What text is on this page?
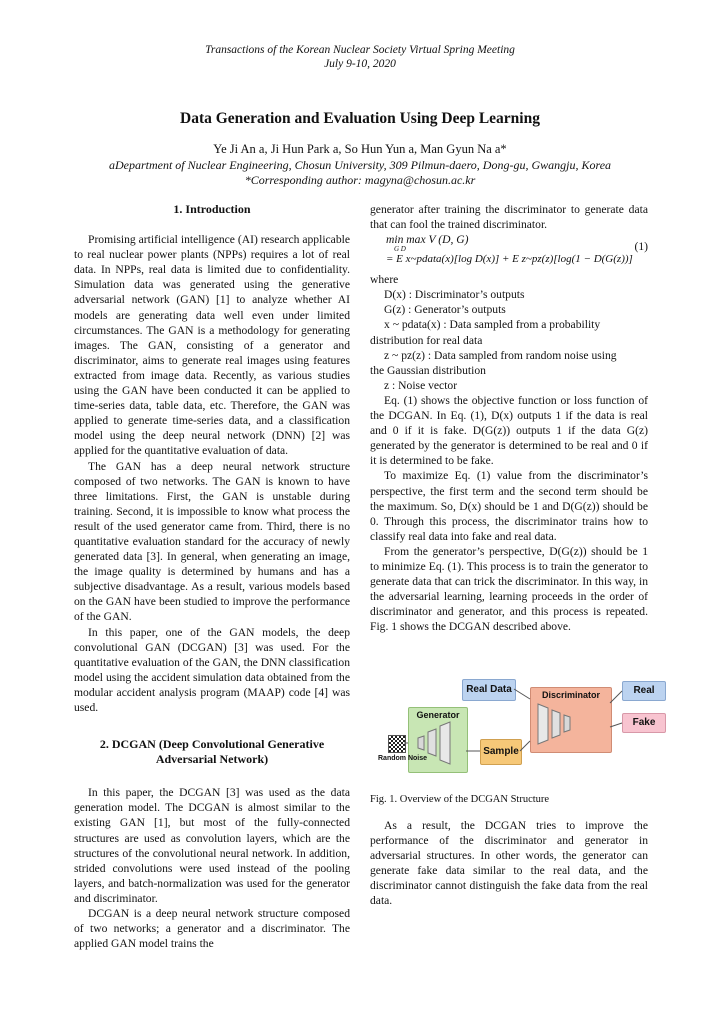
Transactions of the Korean Nuclear Society Virtual Spring Meeting
July 9-10, 2020
Data Generation and Evaluation Using Deep Learning
Ye Ji An a, Ji Hun Park a, So Hun Yun a, Man Gyun Na a*
aDepartment of Nuclear Engineering, Chosun University, 309 Pilmun-daero, Dong-gu, Gwangju, Korea
*Corresponding author: magyna@chosun.ac.kr
1. Introduction

Promising artificial intelligence (AI) research applicable to real nuclear power plants (NPPs) requires a lot of real data. In NPPs, real data is limited due to confidentiality. Simulation data was generated using the generative adversarial network (GAN) [1] to analyze whether AI models are generating data well even under limited circumstances. The GAN is a methodology for generating images. The GAN, consisting of a generator and discriminator, aims to generate real images using features extracted from image data. Recently, as various studies using the GAN have been conducted it can be applied to time-series data, table data, etc. Therefore, the GAN was applied to generate time-series data, and a classification model using the deep neural network (DNN) [2] was applied for the quantitative evaluation of data.

The GAN has a deep neural network structure composed of two networks. The GAN is known to have three limitations. First, the GAN is unstable during training. Second, it is impossible to know what process the result of the used generator came from. Third, there is no quantitative evaluation standard for the accuracy of newly generated data [3]. In general, when generating an image, the image quality is determined by humans and has a subjective disadvantage. As a result, various models based on the GAN have been studied to improve the performance of the GAN.

In this paper, one of the GAN models, the deep convolutional GAN (DCGAN) [3] was used. For the quantitative evaluation of the GAN, the DNN classification model using the accident simulation data obtained from the modular accident analysis program (MAAP) code [4] was used.

2. DCGAN (Deep Convolutional Generative
Adversarial Network)

In this paper, the DCGAN [3] was used as the data generation model. The DCGAN is almost similar to the existing GAN [1], but most of the fully-connected structures are used as convolution layers, which are the structures of the convolutional neural network. In addition, strided convolutions were used instead of the pooling layers, and batch-normalization was used for the generator and discriminator.

DCGAN is a deep neural network structure composed of two networks; a generator and a discriminator. The applied GAN model trains the

generator after training the discriminator to generate data that can fool the trained discriminator.

min max V (D, G)
G D	(1)
= E x~pdata(x)[log D(x)] + E z~pz(z)[log(1 − D(G(z))]

where

D(x) : Discriminator’s outputs

G(z) : Generator’s outputs

x ~ pdata(x) : Data sampled from a probability

distribution for real data

z ~ pz(z) : Data sampled from random noise using

the Gaussian distribution

z : Noise vector

Eq. (1) shows the objective function or loss function of the DCGAN. In Eq. (1), D(x) outputs 1 if the data is real and 0 if it is fake. D(G(z)) outputs 1 if the data G(z) generated by the generator is determined to be real and 0 if it is determined to be fake.

To maximize Eq. (1) value from the discriminator’s perspective, the first term and the second term should be the maximum. So, D(x) should be 1 and D(G(z)) should be 0. Through this process, the discriminator trains how to classify real data into fake and real data.

From the generator’s perspective, D(G(z)) should be 1 to minimize Eq. (1). This process is to train the generator to generate data that can trick the discriminator. In this way, in the adversarial learning, learning proceeds in the order of discriminator and generator, and this process is repeated. Fig. 1 shows the DCGAN described above.

Real Data	Discriminator	Real
Fake
Generator
Sample
Random Noise
Fig. 1. Overview of the DCGAN Structure

As a result, the DCGAN tries to improve the performance of the discriminator and generator in adversarial structures. In other words, the generator can generate fake data similar to the real data, and the discriminator cannot distinguish the fake data from the real data.
